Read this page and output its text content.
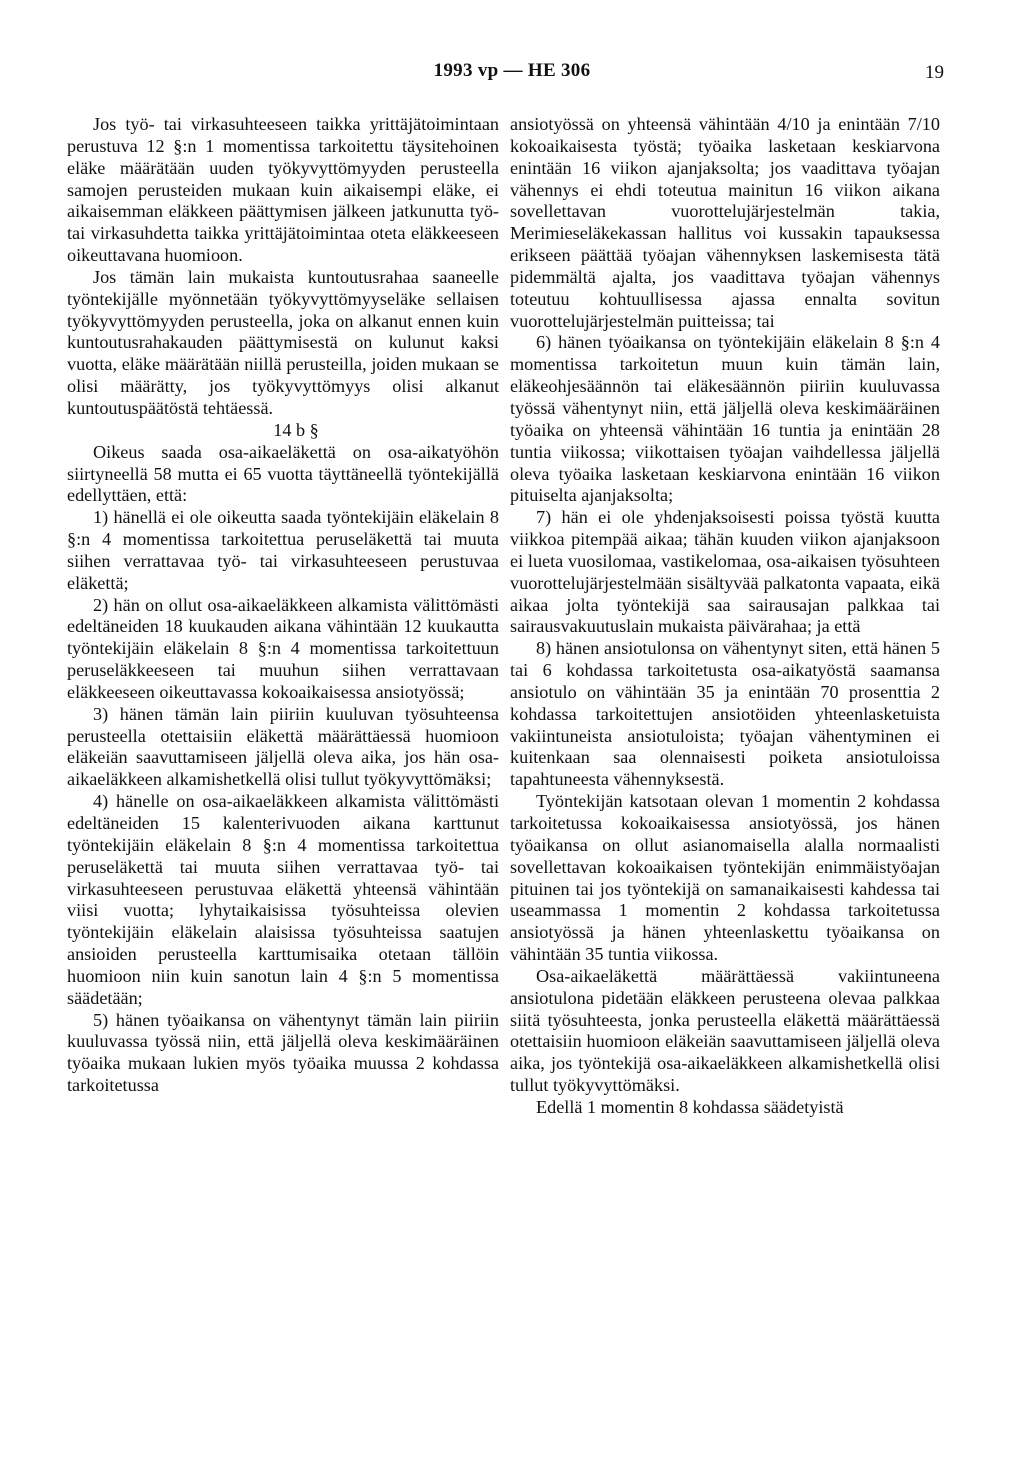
1993 vp — HE 306	19

Jos työ- tai virkasuhteeseen taikka yrittäjätoimintaan perustuva 12 §:n 1 momentissa tarkoitettu täysitehoinen eläke määrätään uuden työkyvyttömyyden perusteella samojen perusteiden mukaan kuin aikaisempi eläke, ei aikaisemman eläkkeen päättymisen jälkeen jatkunutta työ- tai virkasuhdetta taikka yrittäjätoimintaa oteta eläkkeeseen oikeuttavana huomioon.

Jos tämän lain mukaista kuntoutusrahaa saaneelle työntekijälle myönnetään työkyvyttömyyseläke sellaisen työkyvyttömyyden perusteella, joka on alkanut ennen kuin kuntoutusrahakauden päättymisestä on kulunut kaksi vuotta, eläke määrätään niillä perusteilla, joiden mukaan se olisi määrätty, jos työkyvyttömyys olisi alkanut kuntoutuspäätöstä tehtäessä.

14 b §

Oikeus saada osa-aikaeläkettä on osa-aikatyöhön siirtyneellä 58 mutta ei 65 vuotta täyttäneellä työntekijällä edellyttäen, että:

1) hänellä ei ole oikeutta saada työntekijäin eläkelain 8 §:n 4 momentissa tarkoitettua peruseläkettä tai muuta siihen verrattavaa työ- tai virkasuhteeseen perustuvaa eläkettä;

2) hän on ollut osa-aikaeläkkeen alkamista välittömästi edeltäneiden 18 kuukauden aikana vähintään 12 kuukautta työntekijäin eläkelain 8 §:n 4 momentissa tarkoitettuun peruseläkkeeseen tai muuhun siihen verrattavaan eläkkeeseen oikeuttavassa kokoaikaisessa ansiotyössä;

3) hänen tämän lain piiriin kuuluvan työsuhteensa perusteella otettaisiin eläkettä määrättäessä huomioon eläkeiän saavuttamiseen jäljellä oleva aika, jos hän osa-aikaeläkkeen alkamishetkellä olisi tullut työkyvyttömäksi;

4) hänelle on osa-aikaeläkkeen alkamista välittömästi edeltäneiden 15 kalenterivuoden aikana karttunut työntekijäin eläkelain 8 §:n 4 momentissa tarkoitettua peruseläkettä tai muuta siihen verrattavaa työ- tai virkasuhteeseen perustuvaa eläkettä yhteensä vähintään viisi vuotta; lyhytaikaisissa työsuhteissa olevien työntekijäin eläkelain alaisissa työsuhteissa saatujen ansioiden perusteella karttumisaika otetaan tällöin huomioon niin kuin sanotun lain 4 §:n 5 momentissa säädetään;

5) hänen työaikansa on vähentynyt tämän lain piiriin kuuluvassa työssä niin, että jäljellä oleva keskimääräinen työaika mukaan lukien myös työaika muussa 2 kohdassa tarkoitetussa

ansiotyössä on yhteensä vähintään 4/10 ja enintään 7/10 kokoaikaisesta työstä; työaika lasketaan keskiarvona enintään 16 viikon ajanjaksolta; jos vaadittava työajan vähennys ei ehdi toteutua mainitun 16 viikon aikana sovellettavan vuorottelujärjestelmän takia, Merimieseläkekassan hallitus voi kussakin tapauksessa erikseen päättää työajan vähennyksen laskemisesta tätä pidemmältä ajalta, jos vaadittava työajan vähennys toteutuu kohtuullisessa ajassa ennalta sovitun vuorottelujärjestelmän puitteissa; tai

6) hänen työaikansa on työntekijäin eläkelain 8 §:n 4 momentissa tarkoitetun muun kuin tämän lain, eläkeohjesäännön tai eläkesäännön piiriin kuuluvassa työssä vähentynyt niin, että jäljellä oleva keskimääräinen työaika on yhteensä vähintään 16 tuntia ja enintään 28 tuntia viikossa; viikottaisen työajan vaihdellessa jäljellä oleva työaika lasketaan keskiarvona enintään 16 viikon pituiselta ajanjaksolta;

7) hän ei ole yhdenjaksoisesti poissa työstä kuutta viikkoa pitempää aikaa; tähän kuuden viikon ajanjaksoon ei lueta vuosilomaa, vastikelomaa, osa-aikaisen työsuhteen vuorottelujärjestelmään sisältyvää palkatonta vapaata, eikä aikaa jolta työntekijä saa sairausajan palkkaa tai sairausvakuutuslain mukaista päivärahaa; ja että

8) hänen ansiotulonsa on vähentynyt siten, että hänen 5 tai 6 kohdassa tarkoitetusta osa-aikatyöstä saamansa ansiotulo on vähintään 35 ja enintään 70 prosenttia 2 kohdassa tarkoitettujen ansiotöiden yhteenlasketuista vakiintuneista ansiotuloista; työajan vähentyminen ei kuitenkaan saa olennaisesti poiketa ansiotuloissa tapahtuneesta vähennyksestä.

Työntekijän katsotaan olevan 1 momentin 2 kohdassa tarkoitetussa kokoaikaisessa ansiotyössä, jos hänen työaikansa on ollut asianomaisella alalla normaalisti sovellettavan kokoaikaisen työntekijän enimmäistyöajan pituinen tai jos työntekijä on samanaikaisesti kahdessa tai useammassa 1 momentin 2 kohdassa tarkoitetussa ansiotyössä ja hänen yhteenlaskettu työaikansa on vähintään 35 tuntia viikossa.

Osa-aikaeläkettä määrättäessä vakiintuneena ansiotulona pidetään eläkkeen perusteena olevaa palkkaa siitä työsuhteesta, jonka perusteella eläkettä määrättäessä otettaisiin huomioon eläkeiän saavuttamiseen jäljellä oleva aika, jos työntekijä osa-aikaeläkkeen alkamishetkellä olisi tullut työkyvyttömäksi.

Edellä 1 momentin 8 kohdassa säädetyistä
